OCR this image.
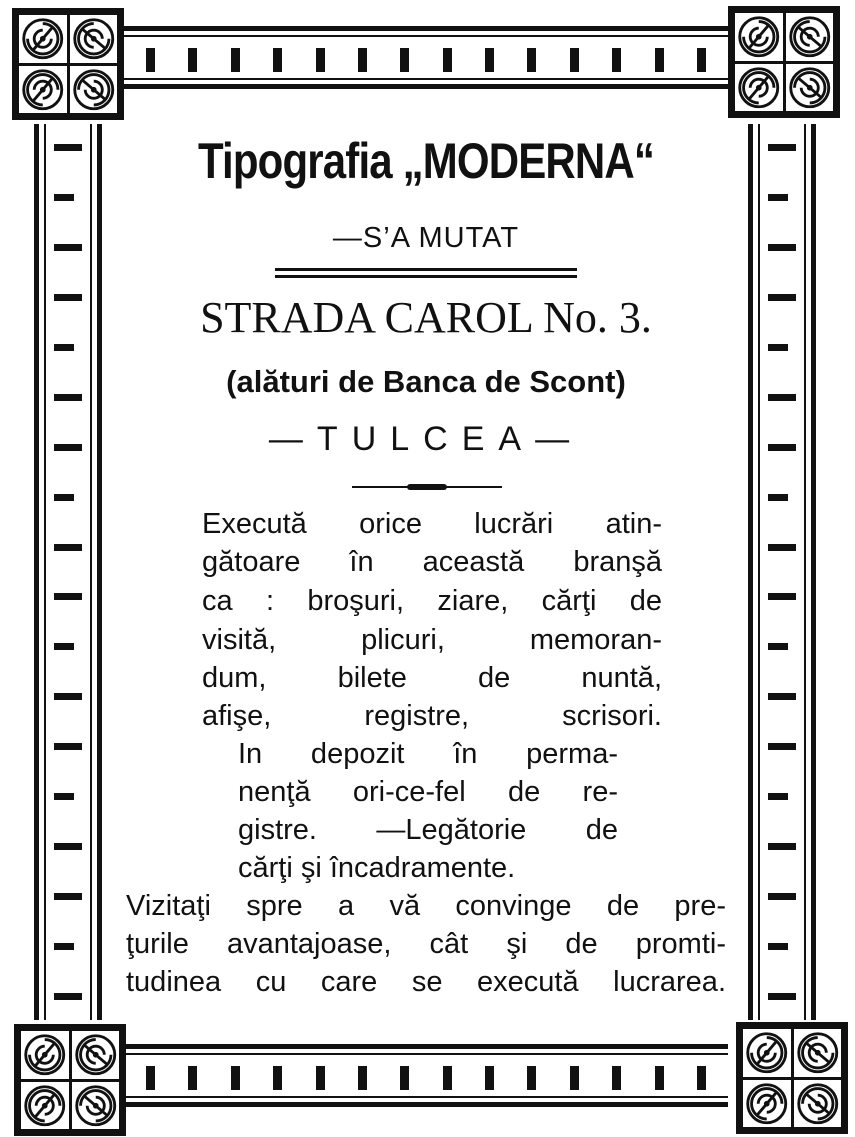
Tipografia „MODERNA“
—S’A MUTAT
STRADA CAROL No. 3.
(alături de Banca de Scont)
—TULCEA—
Execută orice lucrări atin-
gătoare în această branşă
ca : broşuri, ziare, cărţi de
visită, plicuri, memoran-
dum, bilete de nuntă,
afişe, registre, scrisori.
In depozit în perma-
nenţă ori-ce-fel de re-
gistre. —Legătorie de
cărţi şi încadramente.
Vizitaţi spre a vă convinge de pre-
ţurile avantajoase, cât şi de promti-
tudinea cu care se execută lucrarea.
